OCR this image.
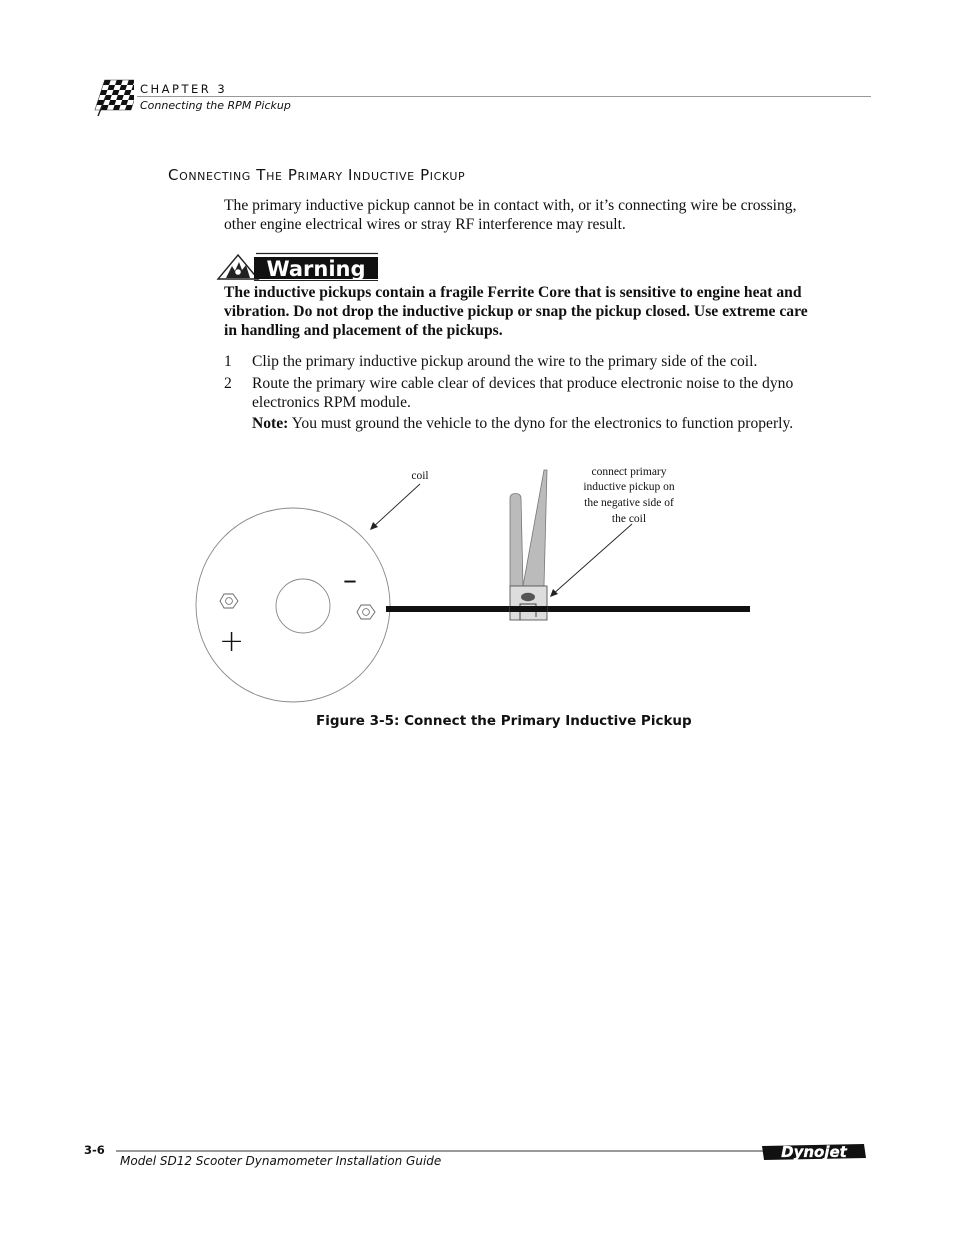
CHAPTER 3
Connecting the RPM Pickup
Connecting The Primary Inductive Pickup
The primary inductive pickup cannot be in contact with, or it’s connecting wire be crossing, other engine electrical wires or stray RF interference may result.
Warning
The inductive pickups contain a fragile Ferrite Core that is sensitive to engine heat and vibration. Do not drop the inductive pickup or snap the pickup closed. Use extreme care in handling and placement of the pickups.
1 Clip the primary inductive pickup around the wire to the primary side of the coil.
2 Route the primary wire cable clear of devices that produce electronic noise to the dyno electronics RPM module.
Note: You must ground the vehicle to the dyno for the electronics to function properly.
–
+
coil	connect primary
inductive pickup on
the negative side of
the coil
Figure 3-5: Connect the Primary Inductive Pickup
3-6	Dynojet
Model SD12 Scooter Dynamometer Installation Guide
